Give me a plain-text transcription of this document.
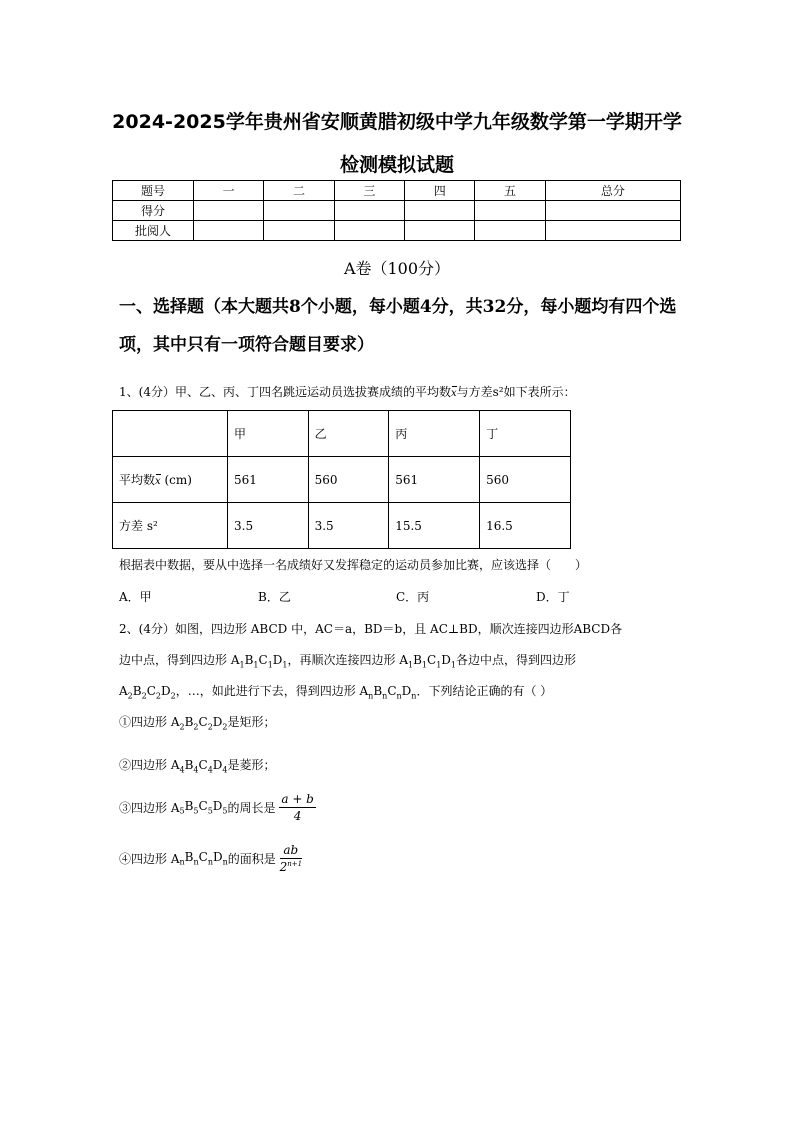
2024-2025学年贵州省安顺黄腊初级中学九年级数学第一学期开学
检测模拟试题
题号	一	二	三	四	五	总分
得分						
批阅人						
A卷（100分）
一、选择题（本大题共8个小题，每小题4分，共32分，每小题均有四个选项，其中只有一项符合题目要求）
1、(4分）甲、乙、丙、丁四名跳远运动员选拔赛成绩的平均数x与方差s²如下表所示：
	甲	乙	丙	丁
平均数x (cm)	561	560	561	560
方差 s²	3.5	3.5	15.5	16.5
根据表中数据，要从中选择一名成绩好又发挥稳定的运动员参加比赛，应该选择（　　）
A．甲	B．乙	C．丙	D．丁
2、(4分）如图，四边形 ABCD 中，AC＝a，BD＝b，且 AC⊥BD，顺次连接四边形ABCD各
边中点，得到四边形 $A_1B_1C_1D_1$，再顺次连接四边形 $A_1B_1C_1D_1$各边中点，得到四边形
$A_2B_2C_2D_2$，…，如此进行下去，得到四边形 $A_nB_nC_nD_n$．下列结论正确的有（ ）
①四边形 $A_2B_2C_2D_2$是矩形；
②四边形 $A_4B_4C_4D_4$是菱形；
③四边形 $A_5B_5C_5D_5$的周长是 $\frac{a + b}{4}$
④四边形 $A_nB_nC_nD_n$的面积是 $\frac{ab}{2^{n+1}}$
